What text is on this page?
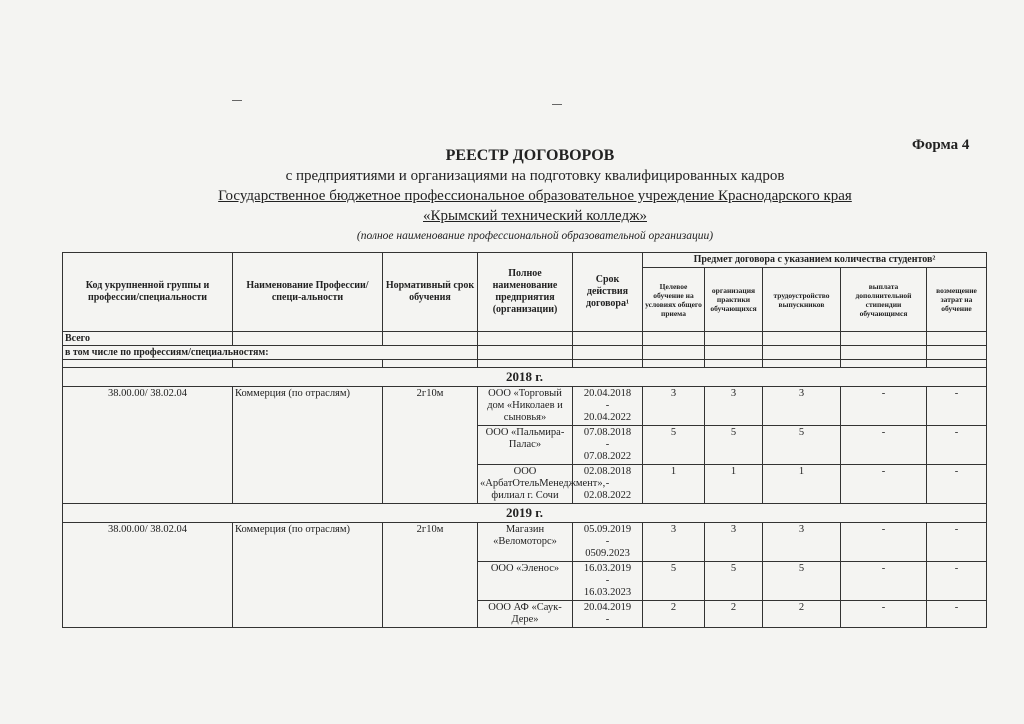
Форма 4
РЕЕСТР ДОГОВОРОВ
с предприятиями и организациями на подготовку квалифицированных кадров
Государственное бюджетное профессиональное образовательное учреждение Краснодарского края
«Крымский технический колледж»
(полное наименование профессиональной образовательной организации)
Код укрупненной группы и профессии/специальности	Наименование Профессии/специ-альности	Нормативный срок обучения	Полное наименование предприятия (организации)	Срок действия договора¹	Предмет договора с указанием количества студентов²				
					Целевое обучение на условиях общего приема	организация практики обучающихся	трудоустройство выпускников	выплата дополнительной стипендии обучающимся	возмещение затрат на обучение
Всего									
в том числе по профессиям/специальностям:									

2018 г.									
38.00.00/ 38.02.04	Коммерция (по отраслям)	2г10м	ООО «Торговый дом «Николаев и сыновья»	20.04.2018
-
20.04.2022	3	3	3	-	-
			ООО «Пальмира-Палас»	07.08.2018
-
07.08.2022	5	5	5	-	-
			ООО «АрбатОтельМенеджмент», филиал г. Сочи	02.08.2018
-
02.08.2022	1	1	1	-	-
2019 г.									
38.00.00/ 38.02.04	Коммерция (по отраслям)	2г10м	Магазин «Веломоторс»	05.09.2019
-
0509.2023	3	3	3	-	-
			ООО «Эленос»	16.03.2019
-
16.03.2023	5	5	5	-	-
			ООО АФ «Саук-Дере»	20.04.2019
-	2	2	2	-	-
